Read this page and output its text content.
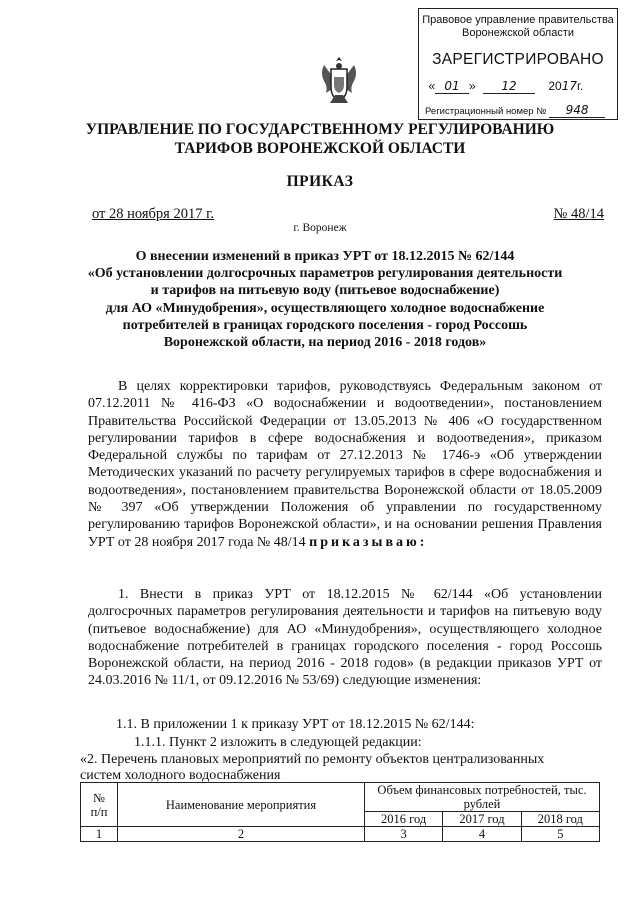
Правовое управление правительства
Воронежской области
ЗАРЕГИСТРИРОВАНО
« 01 » 12	2017г.
Регистрационный номер № 948
УПРАВЛЕНИЕ ПО ГОСУДАРСТВЕННОМУ РЕГУЛИРОВАНИЮ
ТАРИФОВ ВОРОНЕЖСКОЙ ОБЛАСТИ
ПРИКАЗ
от 28 ноября 2017 г.	№ 48/14
г. Воронеж
О внесении изменений в приказ УРТ от 18.12.2015 № 62/144
«Об установлении долгосрочных параметров регулирования деятельности
и тарифов на питьевую воду (питьевое водоснабжение)
для АО «Минудобрения», осуществляющего холодное водоснабжение
потребителей в границах городского поселения - город Россошь
Воронежской области, на период 2016 - 2018 годов»
В целях корректировки тарифов, руководствуясь Федеральным законом от 07.12.2011 № 416-ФЗ «О водоснабжении и водоотведении», постановлением Правительства Российской Федерации от 13.05.2013 № 406 «О государственном регулировании тарифов в сфере водоснабжения и водоотведения», приказом Федеральной службы по тарифам от 27.12.2013 № 1746-э «Об утверждении Методических указаний по расчету регулируемых тарифов в сфере водоснабжения и водоотведения», постановлением правительства Воронежской области от 18.05.2009 № 397 «Об утверждении Положения об управлении по государственному регулированию тарифов Воронежской области», и на основании решения Правления УРТ от 28 ноября 2017 года № 48/14 приказываю:
1. Внести в приказ УРТ от 18.12.2015 № 62/144 «Об установлении долгосрочных параметров регулирования деятельности и тарифов на питьевую воду (питьевое водоснабжение) для АО «Минудобрения», осуществляющего холодное водоснабжение потребителей в границах городского поселения - город Россошь Воронежской области, на период 2016 - 2018 годов» (в редакции приказов УРТ от 24.03.2016 № 11/1, от 09.12.2016 № 53/69) следующие изменения:
1.1. В приложении 1 к приказу УРТ от 18.12.2015 № 62/144:
1.1.1. Пункт 2 изложить в следующей редакции:
«2. Перечень плановых мероприятий по ремонту объектов централизованных
систем холодного водоснабжения
№
п/п	Наименование мероприятия	Объем финансовых потребностей, тыс. рублей		
		2016 год	2017 год	2018 год
1	2	3	4	5
